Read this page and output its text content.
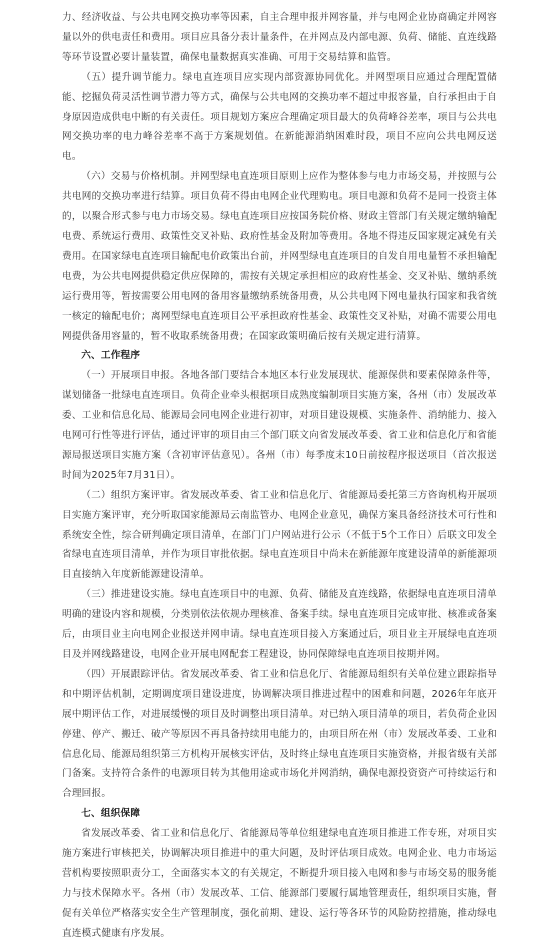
力、经济收益、与公共电网交换功率等因素，自主合理申报并网容量，并与电网企业协商确定并网容量以外的供电责任和费用。项目应具备分表计量条件，在并网点及内部电源、负荷、储能、直连线路等环节设置必要计量装置，确保电量数据真实准确、可用于交易结算和监管。

（五）提升调节能力。绿电直连项目应实现内部资源协同优化。并网型项目应通过合理配置储能、挖掘负荷灵活性调节潜力等方式，确保与公共电网的交换功率不超过申报容量，自行承担由于自身原因造成供电中断的有关责任。项目规划方案应合理确定项目最大的负荷峰谷差率，项目与公共电网交换功率的电力峰谷差率不高于方案规划值。在新能源消纳困难时段，项目不应向公共电网反送电。

（六）交易与价格机制。并网型绿电直连项目原则上应作为整体参与电力市场交易，并按照与公共电网的交换功率进行结算。项目负荷不得由电网企业代理购电。项目电源和负荷不是同一投资主体的，以聚合形式参与电力市场交易。绿电直连项目应按国务院价格、财政主管部门有关规定缴纳输配电费、系统运行费用、政策性交叉补贴、政府性基金及附加等费用。各地不得违反国家规定减免有关费用。在国家绿电直连项目输配电价政策出台前，并网型绿电直连项目的自发自用电量暂不承担输配电费，为公共电网提供稳定供应保障的，需按有关规定承担相应的政府性基金、交叉补贴、缴纳系统运行费用等，暂按需要公用电网的备用容量缴纳系统备用费，从公共电网下网电量执行国家和我省统一核定的输配电价；离网型绿电直连项目公平承担政府性基金、政策性交叉补贴，对确不需要公用电网提供备用容量的，暂不收取系统备用费；在国家政策明确后按有关规定进行清算。

六、工作程序

（一）开展项目申报。各地各部门要结合本地区本行业发展现状、能源保供和要素保障条件等，谋划储备一批绿电直连项目。负荷企业牵头根据项目成熟度编制项目实施方案，各州（市）发展改革委、工业和信息化局、能源局会同电网企业进行初审，对项目建设规模、实施条件、消纳能力、接入电网可行性等进行评估，通过评审的项目由三个部门联文向省发展改革委、省工业和信息化厅和省能源局报送项目实施方案（含初审评估意见）。各州（市）每季度末10日前按程序报送项目（首次报送时间为2025年7月31日）。

（二）组织方案评审。省发展改革委、省工业和信息化厅、省能源局委托第三方咨询机构开展项目实施方案评审，充分听取国家能源局云南监管办、电网企业意见，确保方案具备经济技术可行性和系统安全性，综合研判确定项目清单，在部门门户网站进行公示（不低于5个工作日）后联文印发全省绿电直连项目清单，并作为项目审批依据。绿电直连项目中尚未在新能源年度建设清单的新能源项目直接纳入年度新能源建设清单。

（三）推进建设实施。绿电直连项目中的电源、负荷、储能及直连线路，依据绿电直连项目清单明确的建设内容和规模，分类别依法依规办理核准、备案手续。绿电直连项目完成审批、核准或备案后，由项目业主向电网企业报送并网申请。绿电直连项目接入方案通过后，项目业主开展绿电直连项目及并网线路建设，电网企业开展电网配套工程建设，协同保障绿电直连项目按期并网。

（四）开展跟踪评估。省发展改革委、省工业和信息化厅、省能源局组织有关单位建立跟踪指导和中期评估机制，定期调度项目建设进度，协调解决项目推进过程中的困难和问题，2026年年底开展中期评估工作，对进展缓慢的项目及时调整出项目清单。对已纳入项目清单的项目，若负荷企业因停建、停产、搬迁、破产等原因不再具备持续用电能力的，由项目所在州（市）发展改革委、工业和信息化局、能源局组织第三方机构开展核实评估，及时终止绿电直连项目实施资格，并报省级有关部门备案。支持符合条件的电源项目转为其他用途或市场化并网消纳，确保电源投资资产可持续运行和合理回报。

七、组织保障

省发展改革委、省工业和信息化厅、省能源局等单位组建绿电直连项目推进工作专班，对项目实施方案进行审核把关，协调解决项目推进中的重大问题，及时评估项目成效。电网企业、电力市场运营机构要按照职责分工，全面落实本文的有关规定，不断提升项目接入电网和参与市场交易的服务能力与技术保障水平。各州（市）发展改革、工信、能源部门要履行属地管理责任，组织项目实施，督促有关单位严格落实安全生产管理制度，强化前期、建设、运行等各环节的风险防控措施，推动绿电直连模式健康有序发展。
